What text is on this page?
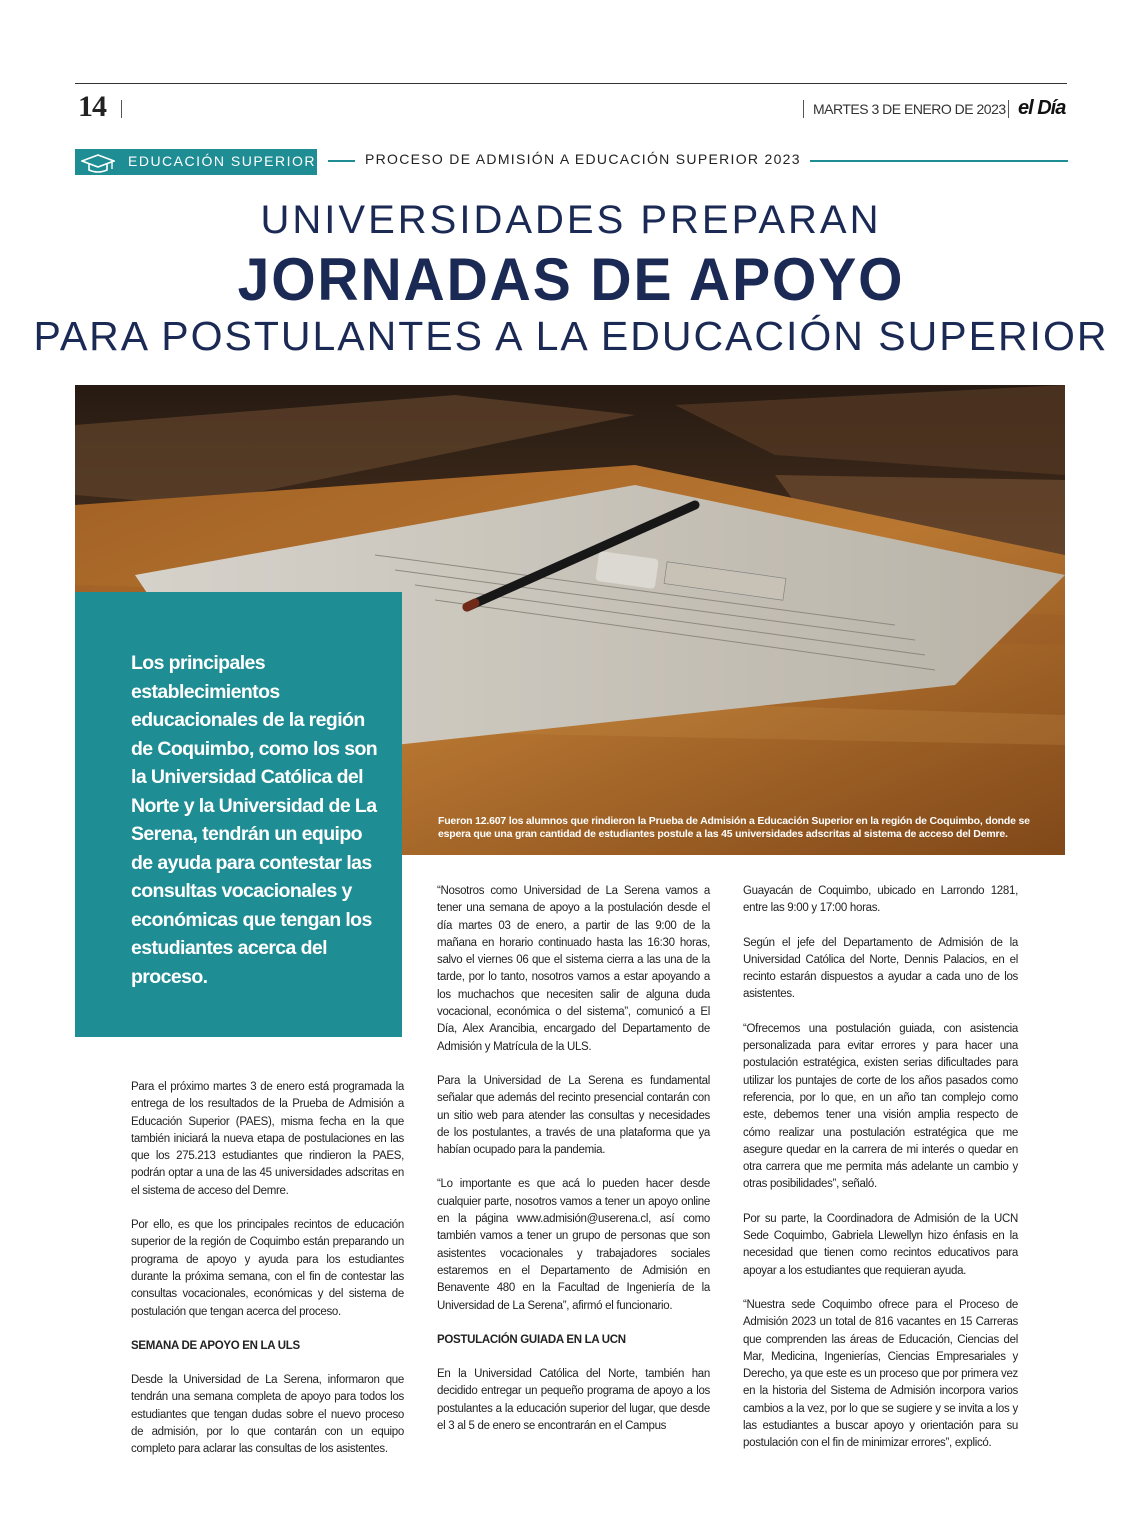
14	MARTES 3 DE ENERO DE 2023 el Día
EDUCACIÓN SUPERIOR	PROCESO DE ADMISIÓN A EDUCACIÓN SUPERIOR 2023
UNIVERSIDADES PREPARAN
JORNADAS DE APOYO
PARA POSTULANTES A LA EDUCACIÓN SUPERIOR
Fueron 12.607 los alumnos que rindieron la Prueba de Admisión a Educación Superior en la región de Coquimbo, donde se espera que una gran cantidad de estudiantes postule a las 45 universidades adscritas al sistema de acceso del Demre.
Los principales establecimientos educacionales de la región de Coquimbo, como los son la Universidad Católica del Norte y la Universidad de La Serena, tendrán un equipo de ayuda para contestar las consultas vocacionales y económicas que tengan los estudiantes acerca del proceso.

Para el próximo martes 3 de enero está programada la entrega de los resultados de la Prueba de Admisión a Educación Superior (PAES), misma fecha en la que también iniciará la nueva etapa de postulaciones en las que los 275.213 estudiantes que rindieron la PAES, podrán optar a una de las 45 universidades adscritas en el sistema de acceso del Demre.

Por ello, es que los principales recintos de educación superior de la región de Coquimbo están preparando un programa de apoyo y ayuda para los estudiantes durante la próxima semana, con el fin de contestar las consultas vocacionales, económicas y del sistema de postulación que tengan acerca del proceso.

SEMANA DE APOYO EN LA ULS

Desde la Universidad de La Serena, informaron que tendrán una semana completa de apoyo para todos los estudiantes que tengan dudas sobre el nuevo proceso de admisión, por lo que contarán con un equipo completo para aclarar las consultas de los asistentes.

“Nosotros como Universidad de La Serena vamos a tener una semana de apoyo a la postulación desde el día martes 03 de enero, a partir de las 9:00 de la mañana en horario continuado hasta las 16:30 horas, salvo el viernes 06 que el sistema cierra a las una de la tarde, por lo tanto, nosotros vamos a estar apoyando a los muchachos que necesiten salir de alguna duda vocacional, económica o del sistema”, comunicó a El Día, Alex Arancibia, encargado del Departamento de Admisión y Matrícula de la ULS.

Para la Universidad de La Serena es fundamental señalar que además del recinto presencial contarán con un sitio web para atender las consultas y necesidades de los postulantes, a través de una plataforma que ya habían ocupado para la pandemia.

“Lo importante es que acá lo pueden hacer desde cualquier parte, nosotros vamos a tener un apoyo online en la página www.admisión@userena.cl, así como también vamos a tener un grupo de personas que son asistentes vocacionales y trabajadores sociales estaremos en el Departamento de Admisión en Benavente 480 en la Facultad de Ingeniería de la Universidad de La Serena”, afirmó el funcionario.

POSTULACIÓN GUIADA EN LA UCN

En la Universidad Católica del Norte, también han decidido entregar un pequeño programa de apoyo a los postulantes a la educación superior del lugar, que desde el 3 al 5 de enero se encontrarán en el Campus

Guayacán de Coquimbo, ubicado en Larrondo 1281, entre las 9:00 y 17:00 horas.

Según el jefe del Departamento de Admisión de la Universidad Católica del Norte, Dennis Palacios, en el recinto estarán dispuestos a ayudar a cada uno de los asistentes.

“Ofrecemos una postulación guiada, con asistencia personalizada para evitar errores y para hacer una postulación estratégica, existen serias dificultades para utilizar los puntajes de corte de los años pasados como referencia, por lo que, en un año tan complejo como este, debemos tener una visión amplia respecto de cómo realizar una postulación estratégica que me asegure quedar en la carrera de mi interés o quedar en otra carrera que me permita más adelante un cambio y otras posibilidades”, señaló.

Por su parte, la Coordinadora de Admisión de la UCN Sede Coquimbo, Gabriela Llewellyn hizo énfasis en la necesidad que tienen como recintos educativos para apoyar a los estudiantes que requieran ayuda.

“Nuestra sede Coquimbo ofrece para el Proceso de Admisión 2023 un total de 816 vacantes en 15 Carreras que comprenden las áreas de Educación, Ciencias del Mar, Medicina, Ingenierías, Ciencias Empresariales y Derecho, ya que este es un proceso que por primera vez en la historia del Sistema de Admisión incorpora varios cambios a la vez, por lo que se sugiere y se invita a los y las estudiantes a buscar apoyo y orientación para su postulación con el fin de minimizar errores”, explicó.
